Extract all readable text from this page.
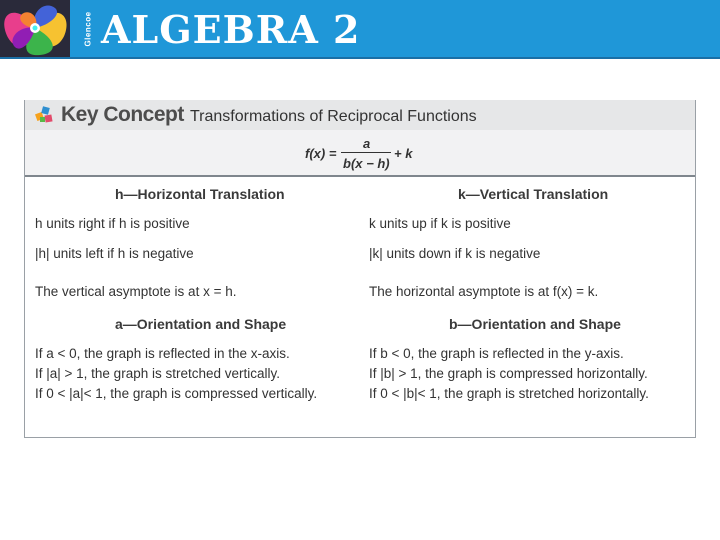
Glencoe ALGEBRA 2
Key Concept Transformations of Reciprocal Functions
f(x) =
a
b(x − h)
+ k
h—Horizontal Translation
h units right if h is positive
|h| units left if h is negative
The vertical asymptote is at x = h.
k—Vertical Translation
k units up if k is positive
|k| units down if k is negative
The horizontal asymptote is at f(x) = k.
a—Orientation and Shape
If a < 0, the graph is reflected in the x-axis.
If |a| > 1, the graph is stretched vertically.
If 0 < |a|< 1, the graph is compressed vertically.
b—Orientation and Shape
If b < 0, the graph is reflected in the y-axis.
If |b| > 1, the graph is compressed horizontally.
If 0 < |b|< 1, the graph is stretched horizontally.
